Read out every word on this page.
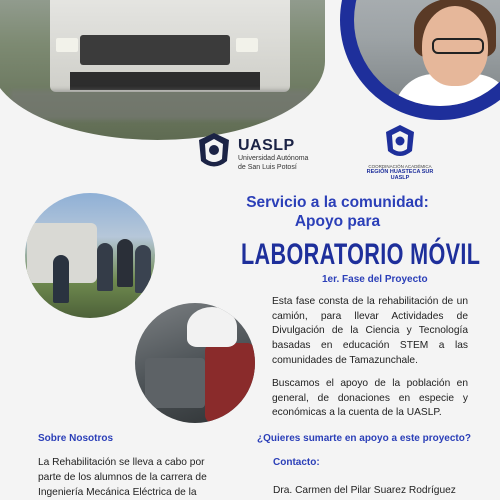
UASLP
Universidad Autónoma
de San Luis Potosí	COORDINACIÓN ACADÉMICA
REGIÓN HUASTECA SUR
UASLP
Servicio a la comunidad:
Apoyo para
LABORATORIO MÓVIL
1er. Fase del Proyecto
Esta fase consta de la rehabilitación de un camión, para llevar Actividades de Divulgación de la Ciencia y Tecnología basadas en educación STEM a las comunidades de Tamazunchale.
Buscamos el apoyo de la población en general, de donaciones en especie y económicas a la cuenta de la UASLP.
Sobre Nosotros
La Rehabilitación se lleva a cabo por parte de los alumnos de la carrera de Ingeniería Mecánica Eléctrica de la
¿Quieres sumarte en apoyo a este proyecto?
Contacto:
Dra. Carmen del Pilar Suarez Rodríguez
